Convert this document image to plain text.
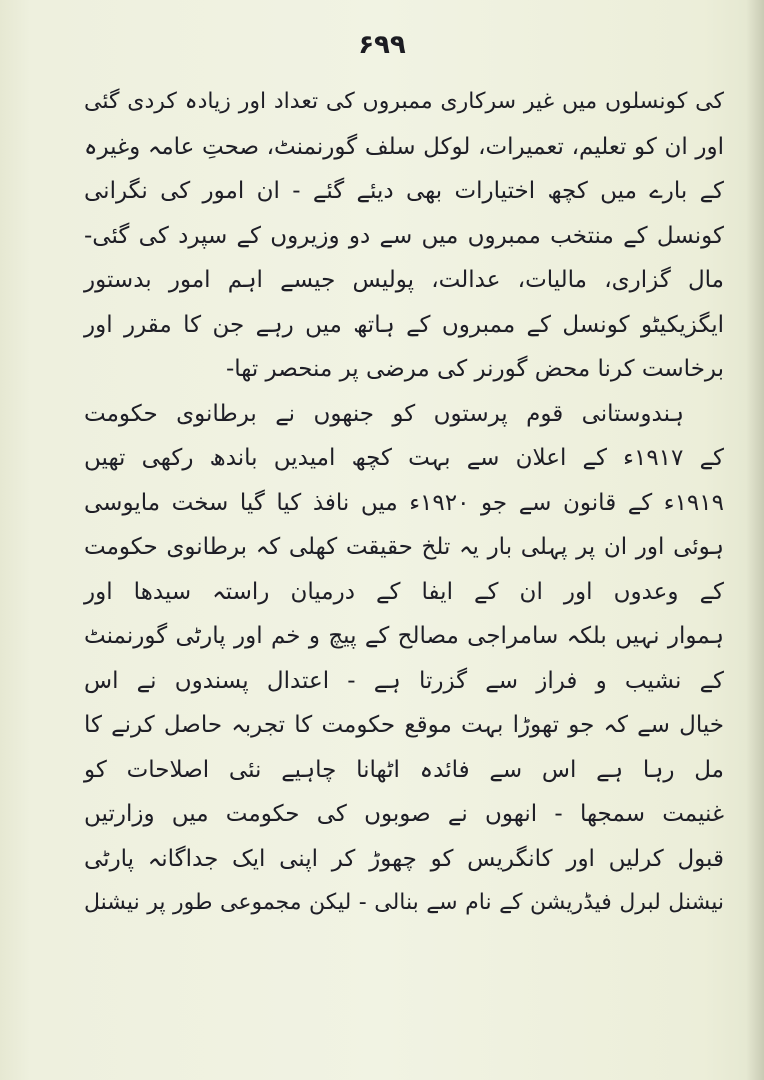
۶۹۹
کی کونسلوں میں غیر سرکاری ممبروں کی تعداد اور زیادہ کردی گئی
اور ان کو تعلیم، تعمیرات، لوکل سلف گورنمنٹ، صحتِ عامہ وغیرہ
کے بارے میں کچھ اختیارات بھی دیئے گئے - ان امور کی نگرانی
کونسل کے منتخب ممبروں میں سے دو وزیروں کے سپرد کی گئی-
مال گزاری، مالیات، عدالت، پولیس جیسے اہم امور بدستور
ایگزیکیٹو کونسل کے ممبروں کے ہاتھ میں رہے جن کا مقرر اور
برخاست کرنا محض گورنر کی مرضی پر منحصر تھا-
ہندوستانی قوم پرستوں کو جنھوں نے برطانوی حکومت
کے ۱۹۱۷ء کے اعلان سے بہت کچھ امیدیں باندھ رکھی تھیں
۱۹۱۹ء کے قانون سے جو ۱۹۲۰ء میں نافذ کیا گیا سخت مایوسی
ہوئی اور ان پر پہلی بار یہ تلخ حقیقت کھلی کہ برطانوی حکومت
کے وعدوں اور ان کے ایفا کے درمیان راستہ سیدھا اور
ہموار نہیں بلکہ سامراجی مصالح کے پیچ و خم اور پارٹی گورنمنٹ
کے نشیب و فراز سے گزرتا ہے - اعتدال پسندوں نے اس
خیال سے کہ جو تھوڑا بہت موقع حکومت کا تجربہ حاصل کرنے کا
مل رہا ہے اس سے فائدہ اٹھانا چاہیے نئی اصلاحات کو
غنیمت سمجھا - انھوں نے صوبوں کی حکومت میں وزارتیں
قبول کرلیں اور کانگریس کو چھوڑ کر اپنی ایک جداگانہ پارٹی
نیشنل لبرل فیڈریشن کے نام سے بنالی - لیکن مجموعی طور پر نیشنل
